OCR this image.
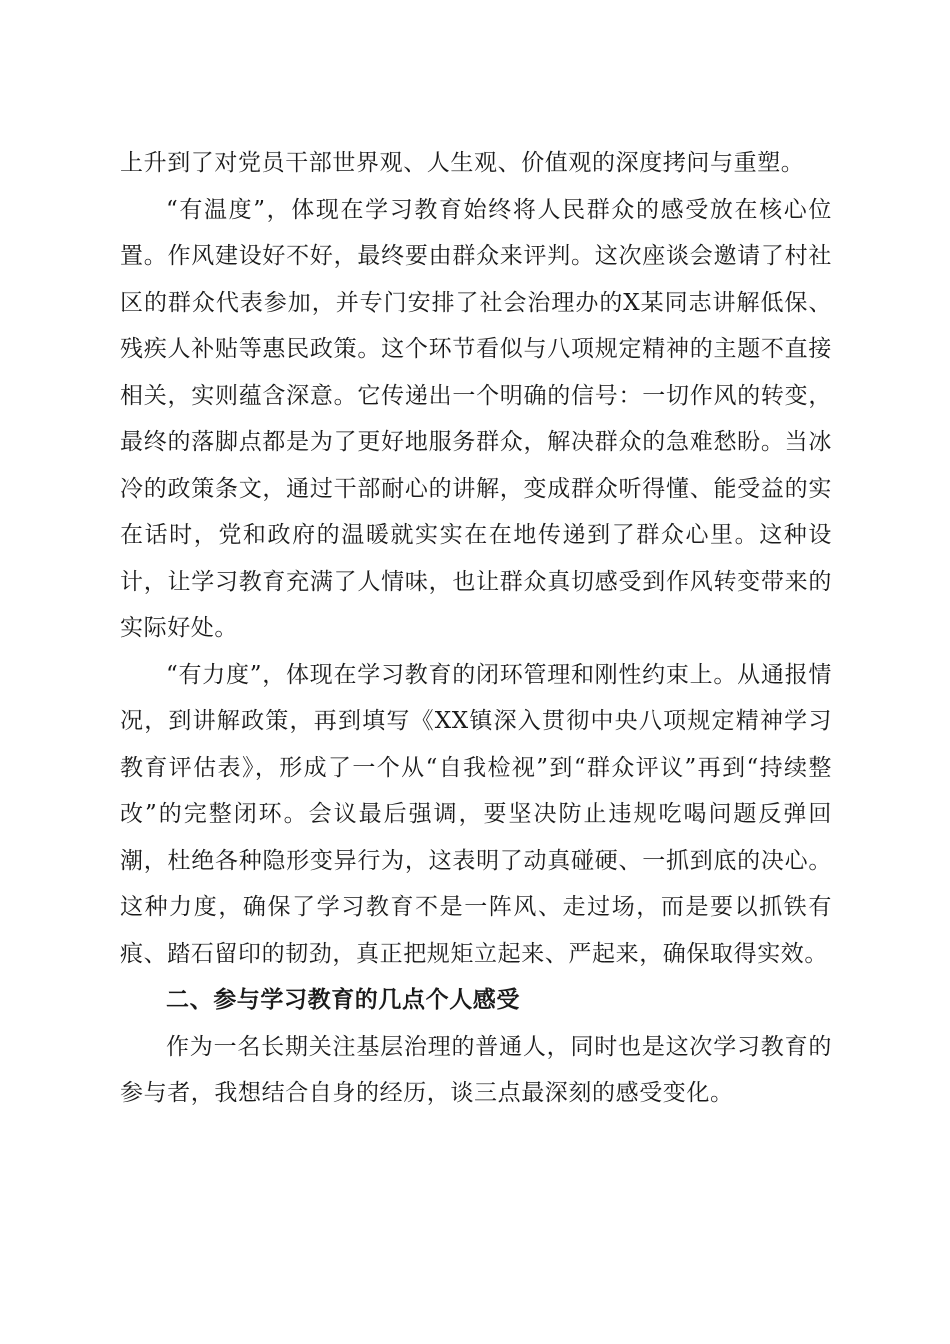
上升到了对党员干部世界观、人生观、价值观的深度拷问与重塑。

“有温度”，体现在学习教育始终将人民群众的感受放在核心位置。作风建设好不好，最终要由群众来评判。这次座谈会邀请了村社区的群众代表参加，并专门安排了社会治理办的X某同志讲解低保、残疾人补贴等惠民政策。这个环节看似与八项规定精神的主题不直接相关，实则蕴含深意。它传递出一个明确的信号：一切作风的转变，最终的落脚点都是为了更好地服务群众，解决群众的急难愁盼。当冰冷的政策条文，通过干部耐心的讲解，变成群众听得懂、能受益的实在话时，党和政府的温暖就实实在在地传递到了群众心里。这种设计，让学习教育充满了人情味，也让群众真切感受到作风转变带来的实际好处。

“有力度”，体现在学习教育的闭环管理和刚性约束上。从通报情况，到讲解政策，再到填写《XX镇深入贯彻中央八项规定精神学习教育评估表》，形成了一个从“自我检视”到“群众评议”再到“持续整改”的完整闭环。会议最后强调，要坚决防止违规吃喝问题反弹回潮，杜绝各种隐形变异行为，这表明了动真碰硬、一抓到底的决心。这种力度，确保了学习教育不是一阵风、走过场，而是要以抓铁有痕、踏石留印的韧劲，真正把规矩立起来、严起来，确保取得实效。

二、参与学习教育的几点个人感受

作为一名长期关注基层治理的普通人，同时也是这次学习教育的参与者，我想结合自身的经历，谈三点最深刻的感受变化。
